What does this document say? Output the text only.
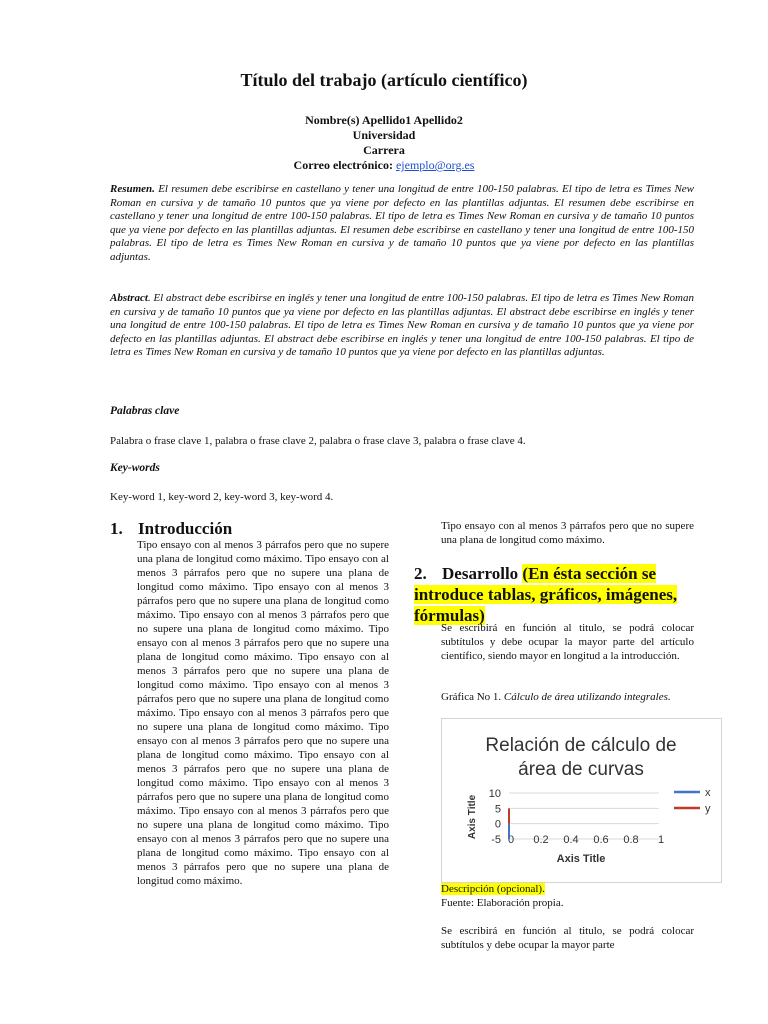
Título del trabajo (artículo científico)
Nombre(s) Apellido1 Apellido2
Universidad
Carrera
Correo electrónico: ejemplo@org.es
Resumen. El resumen debe escribirse en castellano y tener una longitud de entre 100-150 palabras. El tipo de letra es Times New Roman en cursiva y de tamaño 10 puntos que ya viene por defecto en las plantillas adjuntas. El resumen debe escribirse en castellano y tener una longitud de entre 100-150 palabras. El tipo de letra es Times New Roman en cursiva y de tamaño 10 puntos que ya viene por defecto en las plantillas adjuntas. El resumen debe escribirse en castellano y tener una longitud de entre 100-150 palabras. El tipo de letra es Times New Roman en cursiva y de tamaño 10 puntos que ya viene por defecto en las plantillas adjuntas.
Abstract. El abstract debe escribirse en inglés y tener una longitud de entre 100-150 palabras. El tipo de letra es Times New Roman en cursiva y de tamaño 10 puntos que ya viene por defecto en las plantillas adjuntas. El abstract debe escribirse en inglés y tener una longitud de entre 100-150 palabras. El tipo de letra es Times New Roman en cursiva y de tamaño 10 puntos que ya viene por defecto en las plantillas adjuntas. El abstract debe escribirse en inglés y tener una longitud de entre 100-150 palabras. El tipo de letra es Times New Roman en cursiva y de tamaño 10 puntos que ya viene por defecto en las plantillas adjuntas.
Palabras clave
Palabra o frase clave 1, palabra o frase clave 2, palabra o frase clave 3, palabra o frase clave 4.
Key-words
Key-word 1, key-word 2, key-word 3, key-word 4.
1. Introducción
Tipo ensayo con al menos 3 párrafos pero que no supere una plana de longitud como máximo. Tipo ensayo con al menos 3 párrafos pero que no supere una plana de longitud como máximo. Tipo ensayo con al menos 3 párrafos pero que no supere una plana de longitud como máximo. Tipo ensayo con al menos 3 párrafos pero que no supere una plana de longitud como máximo. Tipo ensayo con al menos 3 párrafos pero que no supere una plana de longitud como máximo. Tipo ensayo con al menos 3 párrafos pero que no supere una plana de longitud como máximo. Tipo ensayo con al menos 3 párrafos pero que no supere una plana de longitud como máximo. Tipo ensayo con al menos 3 párrafos pero que no supere una plana de longitud como máximo. Tipo ensayo con al menos 3 párrafos pero que no supere una plana de longitud como máximo. Tipo ensayo con al menos 3 párrafos pero que no supere una plana de longitud como máximo. Tipo ensayo con al menos 3 párrafos pero que no supere una plana de longitud como máximo. Tipo ensayo con al menos 3 párrafos pero que no supere una plana de longitud como máximo. Tipo ensayo con al menos 3 párrafos pero que no supere una plana de longitud como máximo. Tipo ensayo con al menos 3 párrafos pero que no supere una plana de longitud como máximo.
Tipo ensayo con al menos 3 párrafos pero que no supere una plana de longitud como máximo.
2. Desarrollo (En ésta sección se introduce tablas, gráficos, imágenes, fórmulas)
Se escribirá en función al titulo, se podrá colocar subtítulos y debe ocupar la mayor parte del artículo científico, siendo mayor en longitud a la introducción.
Gráfica No 1. Cálculo de área utilizando integrales.
Relación de cálculo de
área de curvas
10
5
0
-5 0 0.2 0.4 0.6 0.8 1
Axis Title
Axis Title
x
y
Descripción (opcional).
Fuente: Elaboración propia.
Se escribirá en función al titulo, se podrá colocar subtítulos y debe ocupar la mayor parte
